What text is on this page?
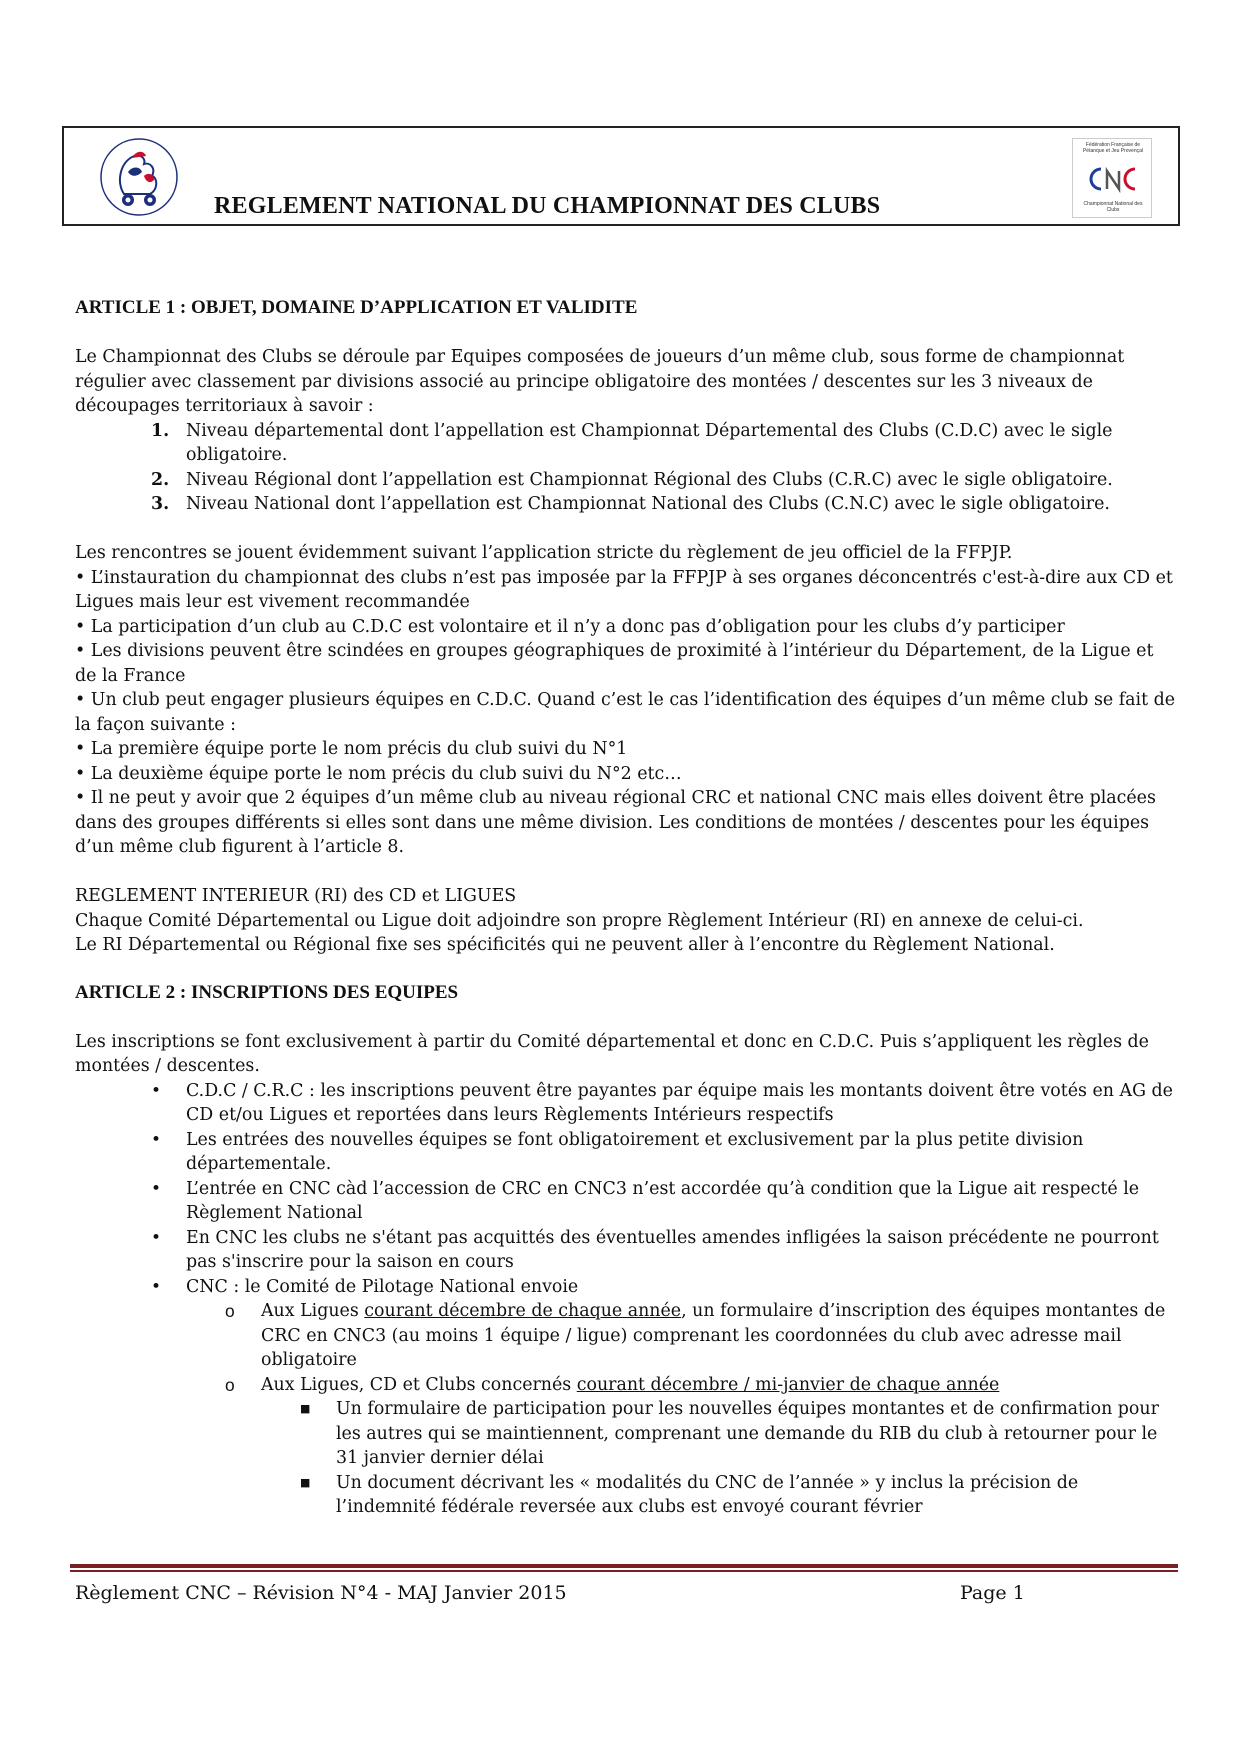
REGLEMENT NATIONAL DU CHAMPIONNAT DES CLUBS
Fédération Française de Pétanque et Jeu Provençal
Championnat National des Clubs

ARTICLE 1 : OBJET, DOMAINE D’APPLICATION ET VALIDITE

Le Championnat des Clubs se déroule par Equipes composées de joueurs d’un même club, sous forme de championnat régulier avec classement par divisions associé au principe obligatoire des montées / descentes sur les 3 niveaux de découpages territoriaux à savoir :

1. Niveau départemental dont l’appellation est Championnat Départemental des Clubs (C.D.C) avec le sigle obligatoire.
2. Niveau Régional dont l’appellation est Championnat Régional des Clubs (C.R.C) avec le sigle obligatoire.
3. Niveau National dont l’appellation est Championnat National des Clubs (C.N.C) avec le sigle obligatoire.

Les rencontres se jouent évidemment suivant l’application stricte du règlement de jeu officiel de la FFPJP.

• L’instauration du championnat des clubs n’est pas imposée par la FFPJP à ses organes déconcentrés c'est-à-dire aux CD et Ligues mais leur est vivement recommandée

• La participation d’un club au C.D.C est volontaire et il n’y a donc pas d’obligation pour les clubs d’y participer

• Les divisions peuvent être scindées en groupes géographiques de proximité à l’intérieur du Département, de la Ligue et de la France

• Un club peut engager plusieurs équipes en C.D.C. Quand c’est le cas l’identification des équipes d’un même club se fait de la façon suivante :

• La première équipe porte le nom précis du club suivi du N°1

• La deuxième équipe porte le nom précis du club suivi du N°2 etc…

• Il ne peut y avoir que 2 équipes d’un même club au niveau régional CRC et national CNC mais elles doivent être placées dans des groupes différents si elles sont dans une même division. Les conditions de montées / descentes pour les équipes d’un même club figurent à l’article 8.

REGLEMENT INTERIEUR (RI) des CD et LIGUES

Chaque Comité Départemental ou Ligue doit adjoindre son propre Règlement Intérieur (RI) en annexe de celui-ci.

Le RI Départemental ou Régional fixe ses spécificités qui ne peuvent aller à l’encontre du Règlement National.

ARTICLE 2 : INSCRIPTIONS DES EQUIPES

Les inscriptions se font exclusivement à partir du Comité départemental et donc en C.D.C. Puis s’appliquent les règles de montées / descentes.

• C.D.C / C.R.C : les inscriptions peuvent être payantes par équipe mais les montants doivent être votés en AG de CD et/ou Ligues et reportées dans leurs Règlements Intérieurs respectifs
• Les entrées des nouvelles équipes se font obligatoirement et exclusivement par la plus petite division départementale.
• L’entrée en CNC càd l’accession de CRC en CNC3 n’est accordée qu’à condition que la Ligue ait respecté le Règlement National
• En CNC les clubs ne s'étant pas acquittés des éventuelles amendes infligées la saison précédente ne pourront pas s'inscrire pour la saison en cours
• CNC : le Comité de Pilotage National envoie
o Aux Ligues courant décembre de chaque année, un formulaire d’inscription des équipes montantes de CRC en CNC3 (au moins 1 équipe / ligue) comprenant les coordonnées du club avec adresse mail obligatoire
o Aux Ligues, CD et Clubs concernés courant décembre / mi-janvier de chaque année
■ Un formulaire de participation pour les nouvelles équipes montantes et de confirmation pour les autres qui se maintiennent, comprenant une demande du RIB du club à retourner pour le 31 janvier dernier délai
■ Un document décrivant les « modalités du CNC de l’année » y inclus la précision de l’indemnité fédérale reversée aux clubs est envoyé courant février
Règlement CNC – Révision N°4 - MAJ Janvier 2015	Page 1
